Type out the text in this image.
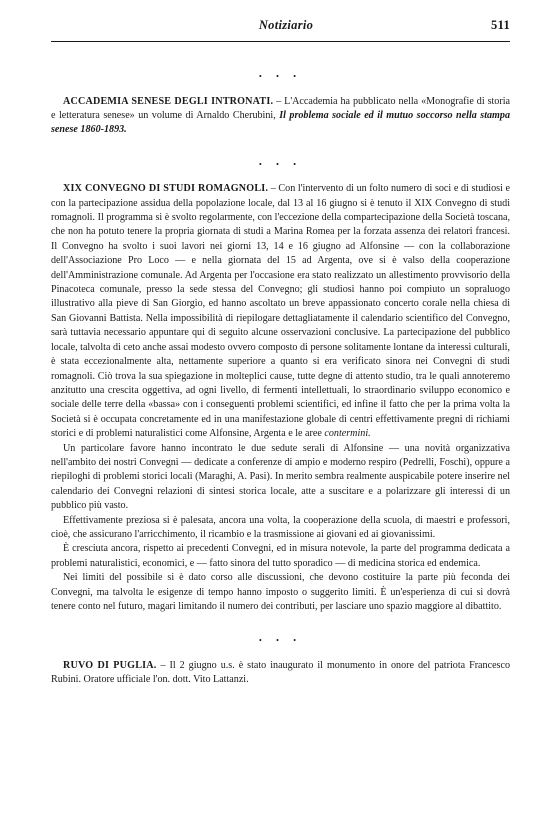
Notiziario	511
• • •

ACCADEMIA SENESE DEGLI INTRONATI. – L'Accademia ha pubblicato nella «Monografie di storia e letteratura senese» un volume di Arnaldo Cherubini, Il problema sociale ed il mutuo soccorso nella stampa senese 1860-1893.

• • •

XIX CONVEGNO DI STUDI ROMAGNOLI. – Con l'intervento di un folto numero di soci e di studiosi e con la partecipazione assidua della popolazione locale, dal 13 al 16 giugno si è tenuto il XIX Convegno di studi romagnoli. Il programma si è svolto regolarmente, con l'eccezione della compartecipazione della Società toscana, che non ha potuto tenere la propria giornata di studi a Marina Romea per la forzata assenza dei relatori francesi. Il Convegno ha svolto i suoi lavori nei giorni 13, 14 e 16 giugno ad Alfonsine — con la collaborazione dell'Associazione Pro Loco — e nella giornata del 15 ad Argenta, ove si è valso della cooperazione dell'Amministrazione comunale. Ad Argenta per l'occasione era stato realizzato un allestimento provvisorio della Pinacoteca comunale, presso la sede stessa del Convegno; gli studiosi hanno poi compiuto un sopraluogo illustrativo alla pieve di San Giorgio, ed hanno ascoltato un breve appassionato concerto corale nella chiesa di San Giovanni Battista. Nella impossibilità di riepilogare dettagliatamente il calendario scientifico del Convegno, sarà tuttavia necessario appuntare qui di seguito alcune osservazioni conclusive. La partecipazione del pubblico locale, talvolta di ceto anche assai modesto ovvero composto di persone solitamente lontane da interessi culturali, è stata eccezionalmente alta, nettamente superiore a quanto si era verificato sinora nei Convegni di studi romagnoli. Ciò trova la sua spiegazione in molteplici cause, tutte degne di attento studio, tra le quali annoteremo anzitutto una crescita oggettiva, ad ogni livello, di fermenti intellettuali, lo straordinario sviluppo economico e sociale delle terre della «bassa» con i conseguenti problemi scientifici, ed infine il fatto che per la prima volta la Società si è occupata concretamente ed in una manifestazione globale di centri effettivamente pregni di richiami storici e di problemi naturalistici come Alfonsine, Argenta e le aree contermini.

Un particolare favore hanno incontrato le due sedute serali di Alfonsine — una novità organizzativa nell'ambito dei nostri Convegni — dedicate a conferenze di ampio e moderno respiro (Pedrelli, Foschi), oppure a riepiloghi di problemi storici locali (Maraghi, A. Pasi). In merito sembra realmente auspicabile potere inserire nel calendario dei Convegni relazioni di sintesi storica locale, atte a suscitare e a polarizzare gli interessi di un pubblico più vasto.

Effettivamente preziosa si è palesata, ancora una volta, la cooperazione della scuola, di maestri e professori, cioè, che assicurano l'arricchimento, il ricambio e la trasmissione ai giovani ed ai giovanissimi.

È cresciuta ancora, rispetto ai precedenti Convegni, ed in misura notevole, la parte del programma dedicata a problemi naturalistici, economici, e — fatto sinora del tutto sporadico — di medicina storica ed endemica.

Nei limiti del possibile si è dato corso alle discussioni, che devono costituire la parte più feconda dei Convegni, ma talvolta le esigenze di tempo hanno imposto o suggerito limiti. È un'esperienza di cui si dovrà tenere conto nel futuro, magari limitando il numero dei contributi, per lasciare uno spazio maggiore al dibattito.

• • •

RUVO DI PUGLIA. – Il 2 giugno u.s. è stato inaugurato il monumento in onore del patriota Francesco Rubini. Oratore ufficiale l'on. dott. Vito Lattanzi.
